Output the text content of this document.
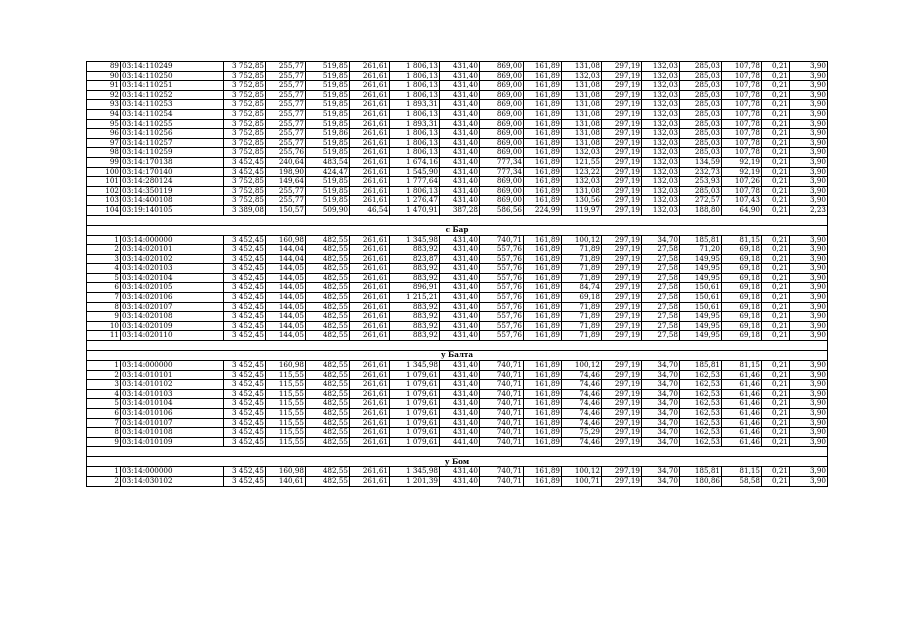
89	03:14:110249	3 752,85	255,77	519,85	261,61	1 806,13	431,40	869,00	161,89	131,08	297,19	132,03	285,03	107,78	0,21	3,90
90	03:14:110250	3 752,85	255,77	519,85	261,61	1 806,13	431,40	869,00	161,89	132,03	297,19	132,03	285,03	107,78	0,21	3,90
91	03:14:110251	3 752,85	255,77	519,85	261,61	1 806,13	431,40	869,00	161,89	131,08	297,19	132,03	285,03	107,78	0,21	3,90
92	03:14:110252	3 752,85	255,77	519,85	261,61	1 806,13	431,40	869,00	161,89	131,08	297,19	132,03	285,03	107,78	0,21	3,90
93	03:14:110253	3 752,85	255,77	519,85	261,61	1 893,31	431,40	869,00	161,89	131,08	297,19	132,03	285,03	107,78	0,21	3,90
94	03:14:110254	3 752,85	255,77	519,85	261,61	1 806,13	431,40	869,00	161,89	131,08	297,19	132,03	285,03	107,78	0,21	3,90
95	03:14:110255	3 752,85	255,77	519,85	261,61	1 893,31	431,40	869,00	161,89	131,08	297,19	132,03	285,03	107,78	0,21	3,90
96	03:14:110256	3 752,85	255,77	519,86	261,61	1 806,13	431,40	869,00	161,89	131,08	297,19	132,03	285,03	107,78	0,21	3,90
97	03:14:110257	3 752,85	255,77	519,85	261,61	1 806,13	431,40	869,00	161,89	131,08	297,19	132,03	285,03	107,78	0,21	3,90
98	03:14:110259	3 752,85	255,76	519,85	261,61	1 806,13	431,40	869,00	161,89	132,03	297,19	132,03	285,03	107,78	0,21	3,90
99	03:14:170138	3 452,45	240,64	483,54	261,61	1 674,16	431,40	777,34	161,89	121,55	297,19	132,03	134,59	92,19	0,21	3,90
100	03:14:170140	3 452,45	198,90	424,47	261,61	1 545,90	431,40	777,34	161,89	123,22	297,19	132,03	232,73	92,19	0,21	3,90
101	03:14:280124	3 752,85	149,64	519,85	261,61	1 777,64	431,40	869,00	161,89	132,03	297,19	132,03	253,93	107,26	0,21	3,90
102	03:14:350119	3 752,85	255,77	519,85	261,61	1 806,13	431,40	869,00	161,89	131,08	297,19	132,03	285,03	107,78	0,21	3,90
103	03:14:400108	3 752,85	255,77	519,85	261,61	1 276,47	431,40	869,00	161,89	130,56	297,19	132,03	272,57	107,43	0,21	3,90
104	03:19:140105	3 389,08	150,57	509,90	46,54	1 470,91	387,28	586,56	224,99	119,97	297,19	132,03	188,80	64,90	0,21	2,23

с Бар																
1	03:14:000000	3 452,45	160,98	482,55	261,61	1 345,98	431,40	740,71	161,89	100,12	297,19	34,70	185,81	81,15	0,21	3,90
2	03:14:020101	3 452,45	144,04	482,55	261,61	883,92	431,40	557,76	161,89	71,89	297,19	27,58	71,20	69,18	0,21	3,90
3	03:14:020102	3 452,45	144,04	482,55	261,61	823,87	431,40	557,76	161,89	71,89	297,19	27,58	149,95	69,18	0,21	3,90
4	03:14:020103	3 452,45	144,05	482,55	261,61	883,92	431,40	557,76	161,89	71,89	297,19	27,58	149,95	69,18	0,21	3,90
5	03:14:020104	3 452,45	144,05	482,55	261,61	883,92	431,40	557,76	161,89	71,89	297,19	27,58	149,95	69,18	0,21	3,90
6	03:14:020105	3 452,45	144,05	482,55	261,61	896,91	431,40	557,76	161,89	84,74	297,19	27,58	150,61	69,18	0,21	3,90
7	03:14:020106	3 452,45	144,05	482,55	261,61	1 215,21	431,40	557,76	161,89	69,18	297,19	27,58	150,61	69,18	0,21	3,90
8	03:14:020107	3 452,45	144,05	482,55	261,61	883,92	431,40	557,76	161,89	71,89	297,19	27,58	150,61	69,18	0,21	3,90
9	03:14:020108	3 452,45	144,05	482,55	261,61	883,92	431,40	557,76	161,89	71,89	297,19	27,58	149,95	69,18	0,21	3,90
10	03:14:020109	3 452,45	144,05	482,55	261,61	883,92	431,40	557,76	161,89	71,89	297,19	27,58	149,95	69,18	0,21	3,90
11	03:14:020110	3 452,45	144,05	482,55	261,61	883,92	431,40	557,76	161,89	71,89	297,19	27,58	149,95	69,18	0,21	3,90

у Балта																
1	03:14:000000	3 452,45	160,98	482,55	261,61	1 345,98	431,40	740,71	161,89	100,12	297,19	34,70	185,81	81,15	0,21	3,90
2	03:14:010101	3 452,45	115,55	482,55	261,61	1 079,61	431,40	740,71	161,89	74,46	297,19	34,70	162,53	61,46	0,21	3,90
3	03:14:010102	3 452,45	115,55	482,55	261,61	1 079,61	431,40	740,71	161,89	74,46	297,19	34,70	162,53	61,46	0,21	3,90
4	03:14:010103	3 452,45	115,55	482,55	261,61	1 079,61	431,40	740,71	161,89	74,46	297,19	34,70	162,53	61,46	0,21	3,90
5	03:14:010104	3 452,45	115,55	482,55	261,61	1 079,61	431,40	740,71	161,89	74,46	297,19	34,70	162,53	61,46	0,21	3,90
6	03:14:010106	3 452,45	115,55	482,55	261,61	1 079,61	431,40	740,71	161,89	74,46	297,19	34,70	162,53	61,46	0,21	3,90
7	03:14:010107	3 452,45	115,55	482,55	261,61	1 079,61	431,40	740,71	161,89	74,46	297,19	34,70	162,53	61,46	0,21	3,90
8	03:14:010108	3 452,45	115,55	482,55	261,61	1 079,61	431,40	740,71	161,89	75,29	297,19	34,70	162,53	61,46	0,21	3,90
9	03:14:010109	3 452,45	115,55	482,55	261,61	1 079,61	441,40	740,71	161,89	74,46	297,19	34,70	162,53	61,46	0,21	3,90

у Бом																
1	03:14:000000	3 452,45	160,98	482,55	261,61	1 345,98	431,40	740,71	161,89	100,12	297,19	34,70	185,81	81,15	0,21	3,90
2	03:14:030102	3 452,45	140,61	482,55	261,61	1 201,39	431,40	740,71	161,89	100,71	297,19	34,70	180,86	58,58	0,21	3,90
